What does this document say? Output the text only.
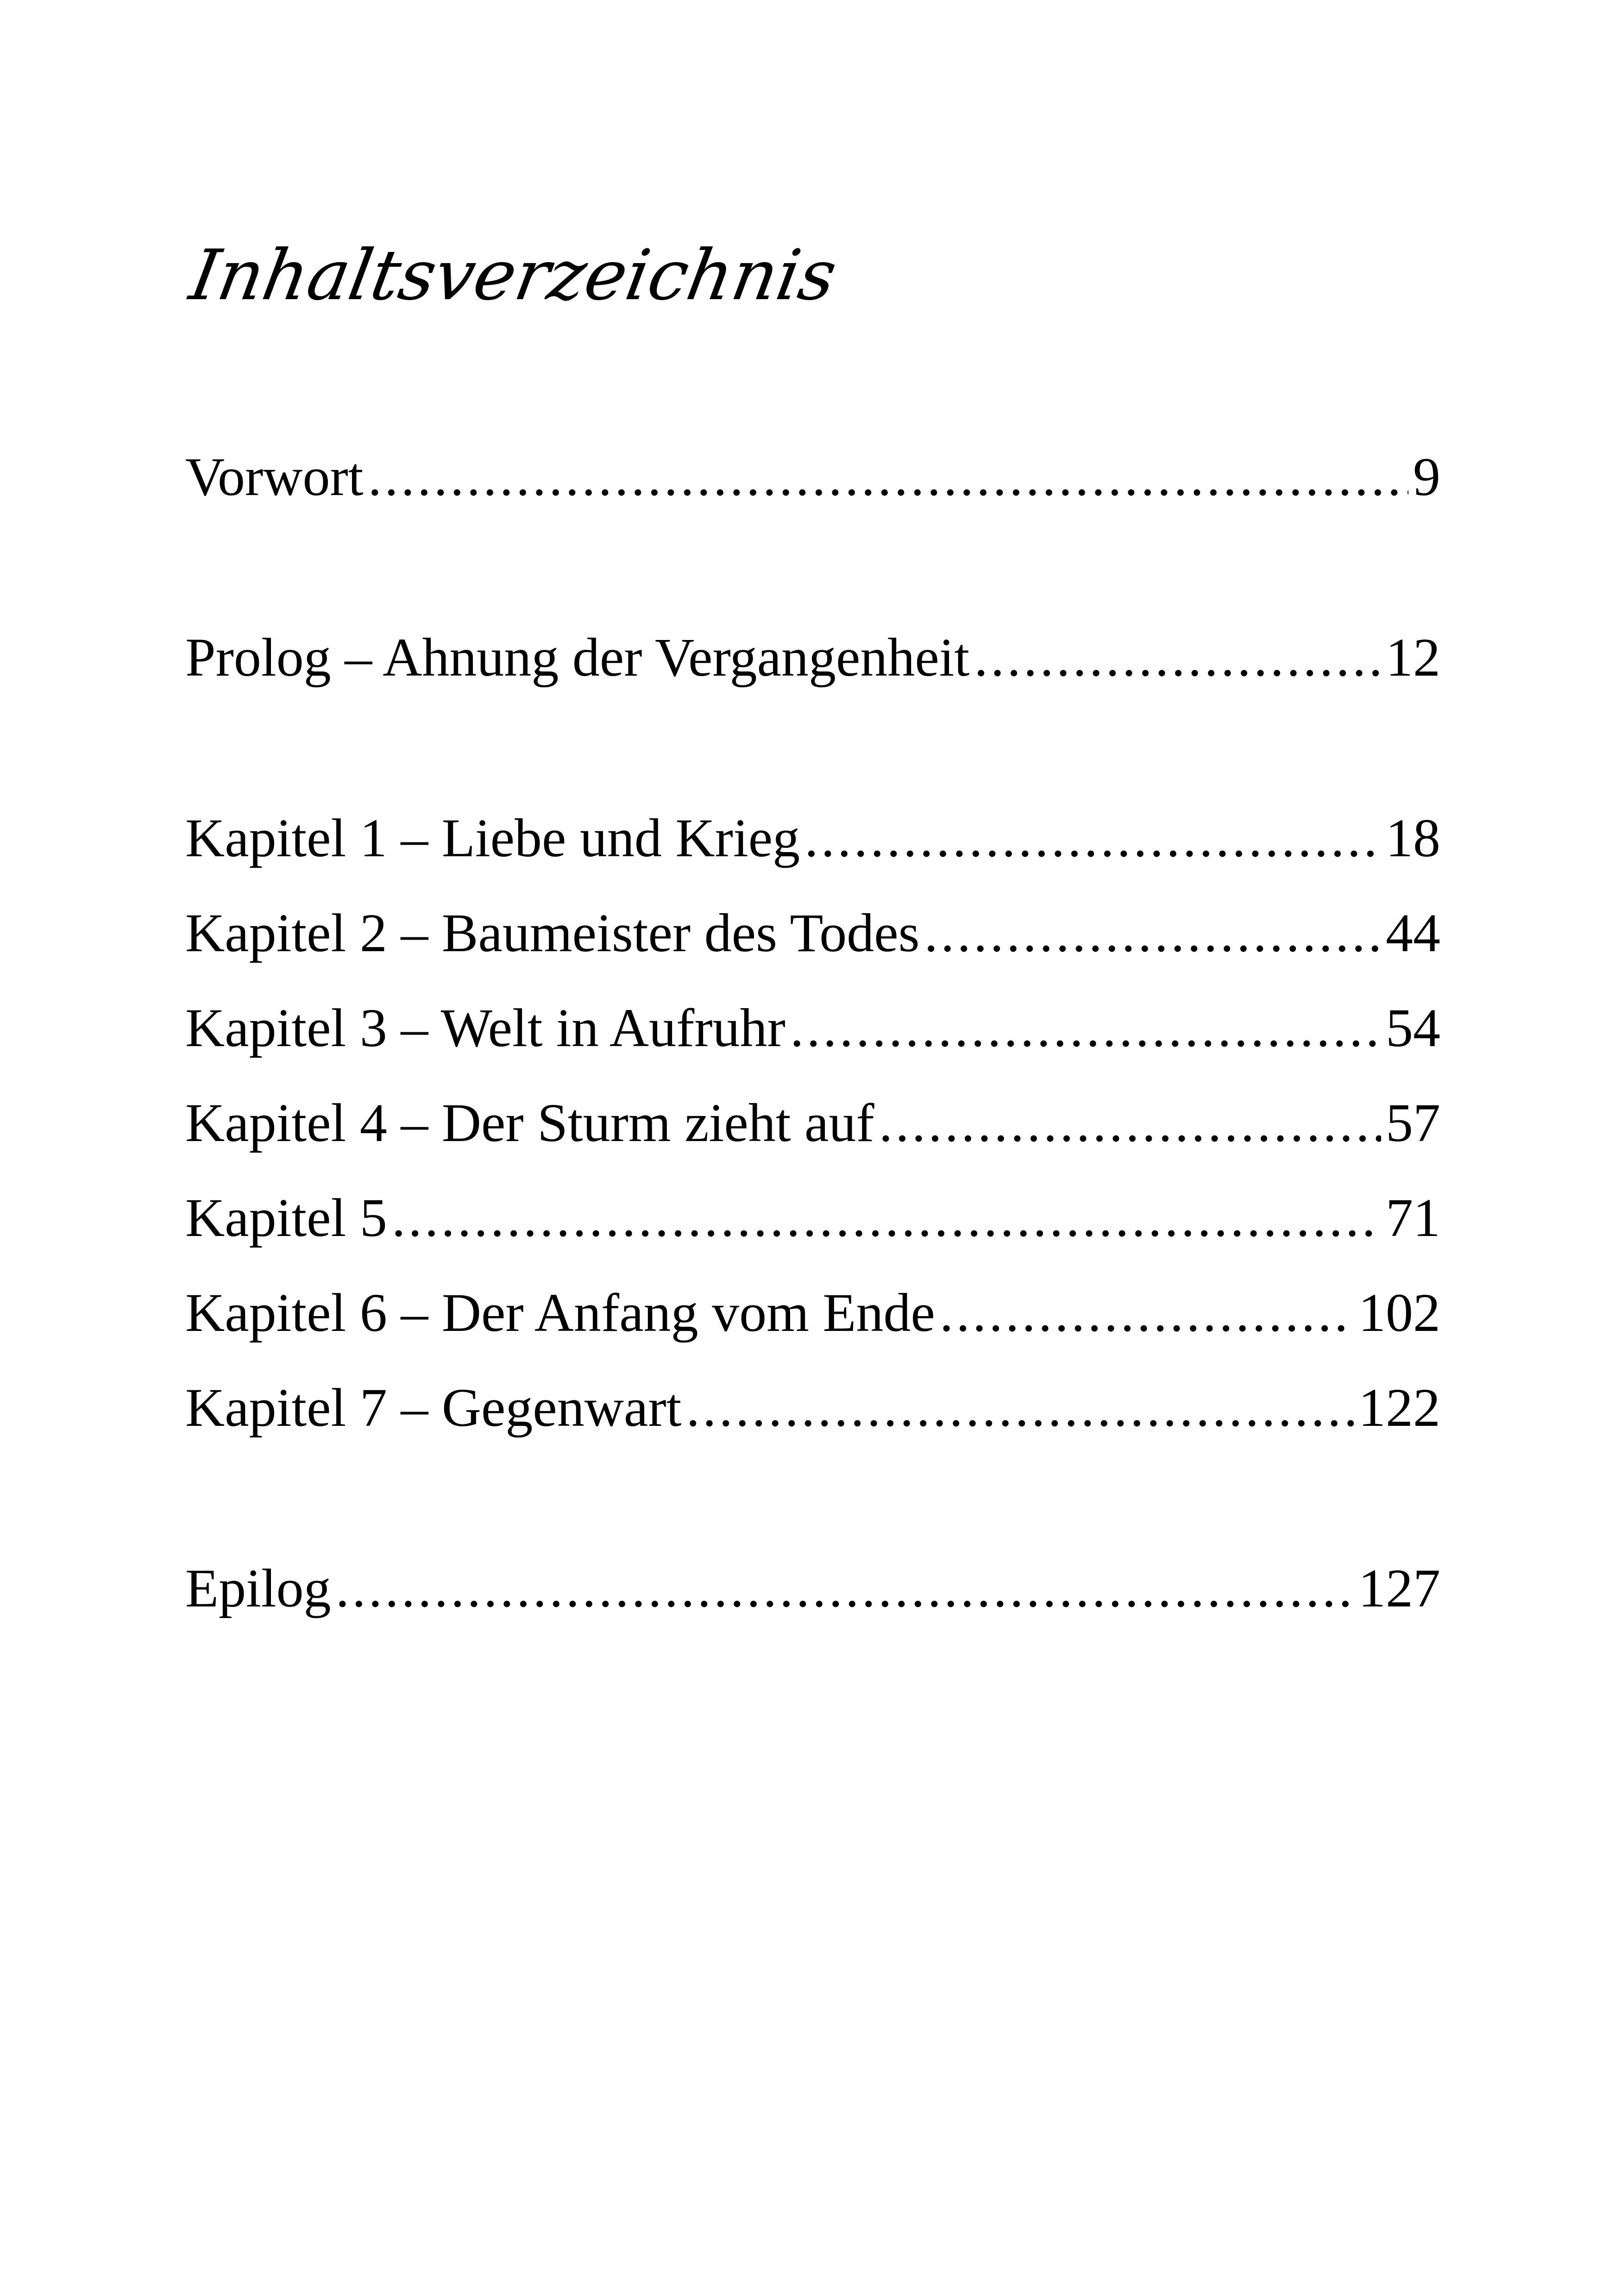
Inhaltsverzeichnis
Vorwort .....	9
Prolog – Ahnung der Vergangenheit .....	12
Kapitel 1 – Liebe und Krieg .....	18
Kapitel 2 – Baumeister des Todes .....	44
Kapitel 3 – Welt in Aufruhr .....	54
Kapitel 4 – Der Sturm zieht auf .....	57
Kapitel 5 .....	71
Kapitel 6 – Der Anfang vom Ende .....	102
Kapitel 7 – Gegenwart .....	122
Epilog .....	127
